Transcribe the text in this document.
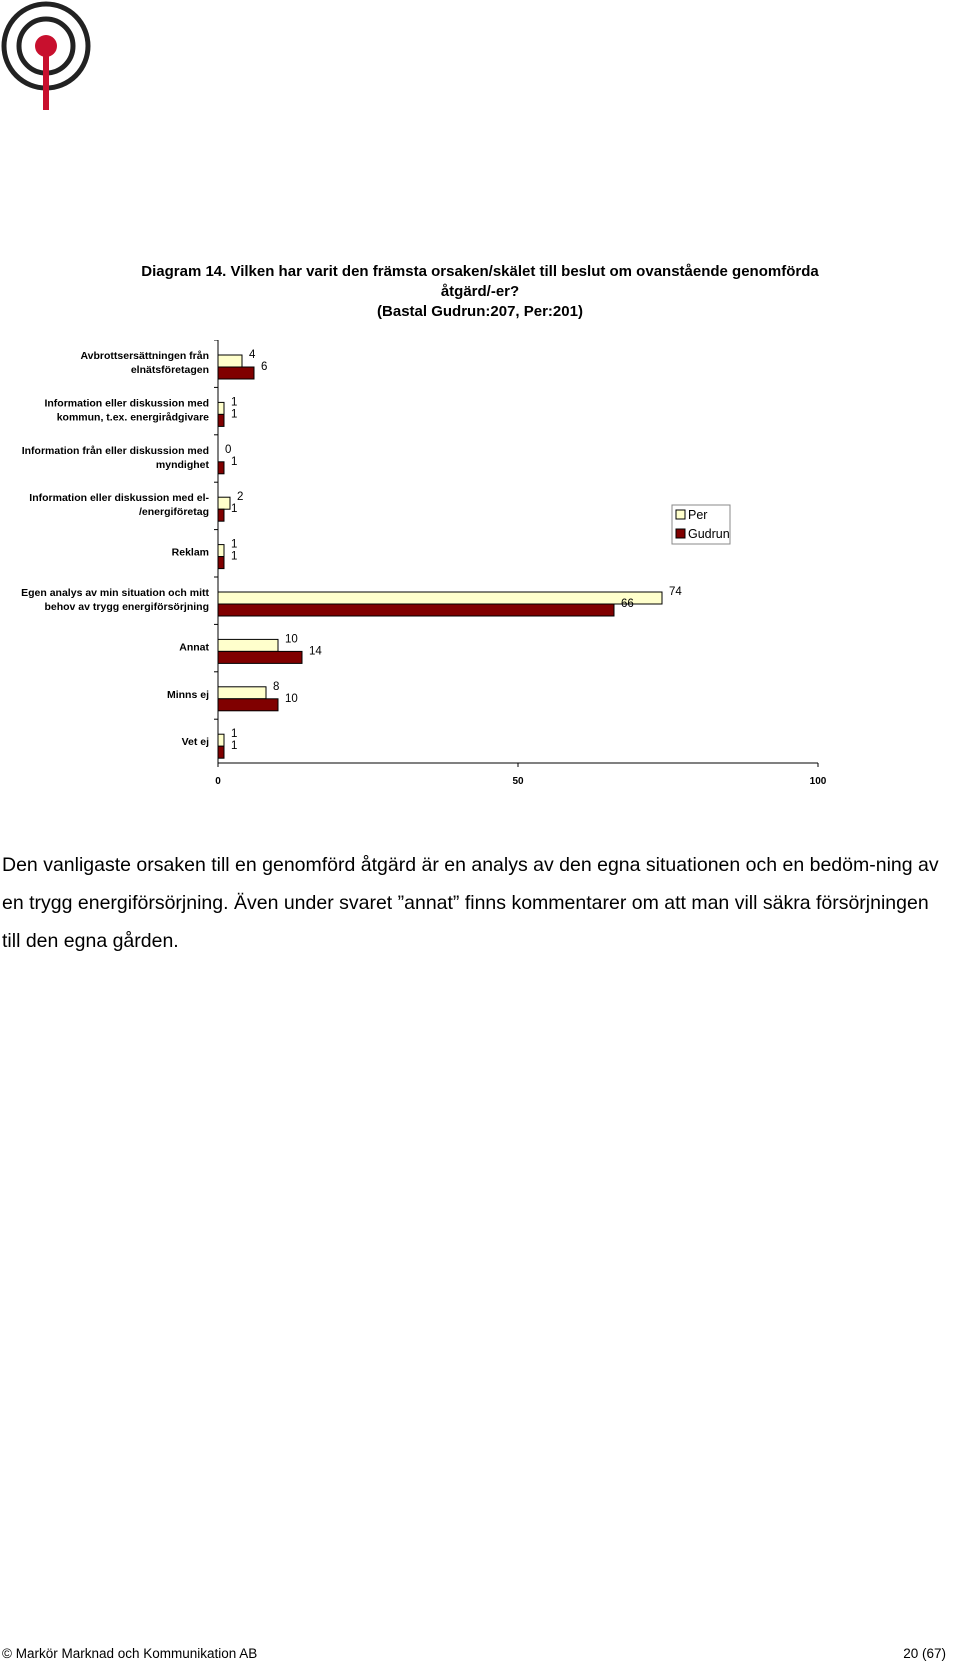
Diagram 14. Vilken har varit den främsta orsaken/skälet till beslut om ovanstående genomförda
åtgärd/-er?
(Bastal Gudrun:207, Per:201)
0	50	100
Avbrottsersättningen från
elnätsföretagen
4
6
Information eller diskussion med
kommun, t.ex. energirådgivare
1
1
Information från eller diskussion med
myndighet
0
1
Information eller diskussion med el-
/energiföretag
2
1
Reklam
1
1
Egen analys av min situation och mitt
behov av trygg energiförsörjning
74
66
Annat
10
14
Minns ej
8
10
Vet ej
1
1
Per
Gudrun
Den vanligaste orsaken till en genomförd åtgärd är en analys av den egna situationen och en bedöm-ning av en trygg energiförsörjning. Även under svaret ”annat” finns kommentarer om att man vill säkra försörjningen till den egna gården.
© Markör Marknad och Kommunikation AB	20 (67)
